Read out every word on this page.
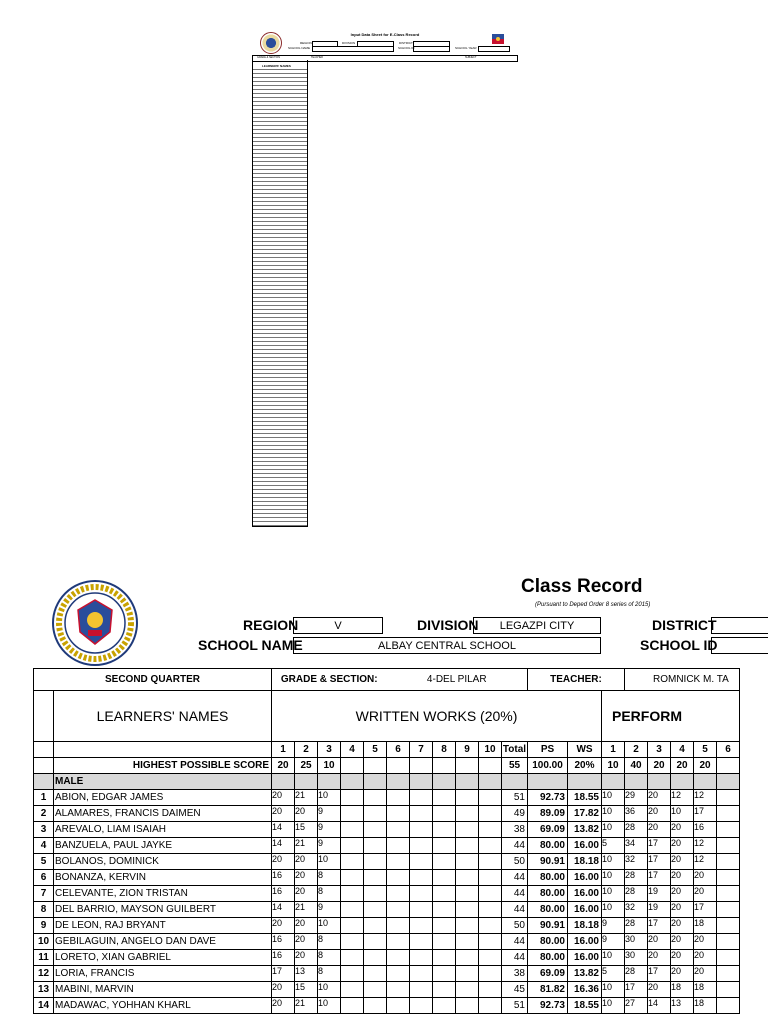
Input Data Sheet for E-Class Record
REGION	DIVISION	DISTRICT
SCHOOL NAME	SCHOOL ID	SCHOOL YEAR
GRADE & SECTION	TEACHER	SUBJECT
LEARNERS' NAMES
Class Record
(Pursuant to Deped Order 8 series of 2015)
REGION	V	DIVISION	LEGAZPI CITY	DISTRICT
SCHOOL NAME	ALBAY CENTRAL SCHOOL	SCHOOL ID
SECOND QUARTER		GRADE & SECTION:					4-DEL PILAR						TEACHER:			ROMNICK M. TA				
	LEARNERS' NAMES	WRITTEN WORKS (20%)													PERFORM					
		1	2	3	4	5	6	7	8	9	10	Total	PS	WS	1	2	3	4	5	6
	HIGHEST POSSIBLE SCORE	20	25	10								55	100.00	20%	10	40	20	20	20	
	MALE																			
1	ABION, EDGAR JAMES	20	21	10								51	92.73	18.55	10	29	20	12	12	
2	ALAMARES, FRANCIS DAIMEN	20	20	9								49	89.09	17.82	10	36	20	10	17	
3	AREVALO, LIAM ISAIAH	14	15	9								38	69.09	13.82	10	28	20	20	16	
4	BANZUELA, PAUL JAYKE	14	21	9								44	80.00	16.00	5	34	17	20	12	
5	BOLANOS, DOMINICK	20	20	10								50	90.91	18.18	10	32	17	20	12	
6	BONANZA, KERVIN	16	20	8								44	80.00	16.00	10	28	17	20	20	
7	CELEVANTE, ZION TRISTAN	16	20	8								44	80.00	16.00	10	28	19	20	20	
8	DEL BARRIO, MAYSON GUILBERT	14	21	9								44	80.00	16.00	10	32	19	20	17	
9	DE LEON, RAJ BRYANT	20	20	10								50	90.91	18.18	9	28	17	20	18	
10	GEBILAGUIN, ANGELO DAN DAVE	16	20	8								44	80.00	16.00	9	30	20	20	20	
11	LORETO, XIAN GABRIEL	16	20	8								44	80.00	16.00	10	30	20	20	20	
12	LORIA, FRANCIS	17	13	8								38	69.09	13.82	5	28	17	20	20	
13	MABINI, MARVIN	20	15	10								45	81.82	16.36	10	17	20	18	18	
14	MADAWAC, YOHHAN KHARL	20	21	10								51	92.73	18.55	10	27	14	13	18	
